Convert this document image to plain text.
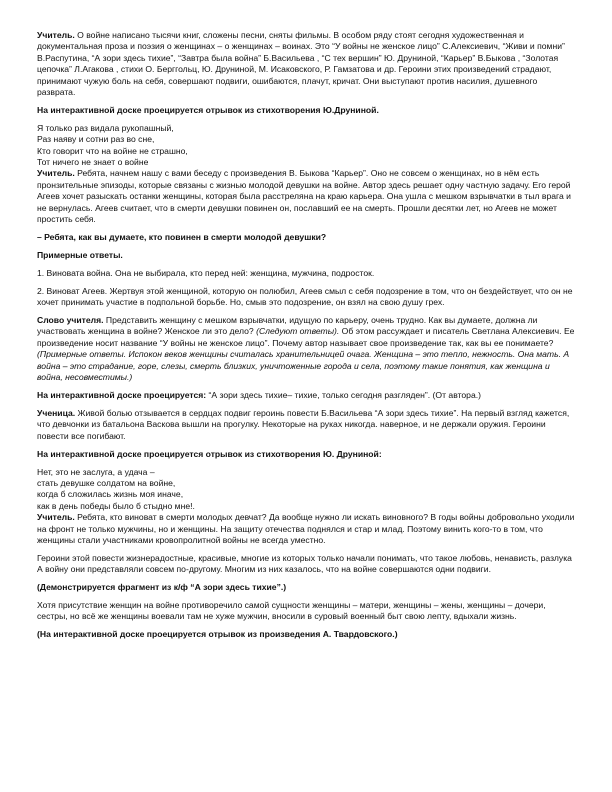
Учитель. О войне написано тысячи книг, сложены песни, сняты фильмы. В особом ряду стоят сегодня художественная и документальная проза и поэзия о женщинах – о женщинах – воинах. Это “У войны не женское лицо” С.Алексиевич, “Живи и помни” В.Распутина, “А зори здесь тихие”, “Завтра была война” Б.Васильева , “С тех вершин” Ю. Друниной, “Карьер” В.Быкова , “Золотая цепочка” Л.Агакова , стихи О. Берггольц, Ю. Друниной, М. Исаковского, Р. Гамзатова и др. Героини этих произведений страдают, принимают чужую боль на себя, совершают подвиги, ошибаются, плачут, кричат. Они выступают против насилия, душевного разврата.

На интерактивной доске проецируется отрывок из стихотворения Ю.Друниной.

Я только раз видала рукопашный,
Раз наяву и сотни раз во сне,
Кто говорит что на войне не страшно,
Тот ничего не знает о войне

Учитель. Ребята, начнем нашу с вами беседу с произведения В. Быкова “Карьер”. Оно не совсем о женщинах, но в нём есть пронзительные эпизоды, которые связаны с жизнью молодой девушки на войне. Автор здесь решает одну частную задачу. Его герой Агеев хочет разыскать останки женщины, которая была расстреляна на краю карьера. Она ушла с мешком взрывчатки в тыл врага и не вернулась. Агеев считает, что в смерти девушки повинен он, пославший ее на смерть. Прошли десятки лет, но Агеев не может простить себя.

– Ребята, как вы думаете, кто повинен в смерти молодой девушки?

Примерные ответы.

1. Виновата война. Она не выбирала, кто перед ней: женщина, мужчина, подросток.

2. Виноват Агеев. Жертвуя этой женщиной, которую он полюбил, Агеев смыл с себя подозрение в том, что он бездействует, что он не хочет принимать участие в подпольной борьбе. Но, смыв это подозрение, он взял на свою душу грех.

Слово учителя. Представить женщину с мешком взрывчатки, идущую по карьеру, очень трудно. Как вы думаете, должна ли участвовать женщина в войне? Женское ли это дело? (Следуют ответы). Об этом рассуждает и писатель Светлана Алексиевич. Ее произведение носит название “У войны не женское лицо”. Почему автор называет свое произведение так, как вы ее понимаете? (Примерные ответы. Испокон веков женщины считалась хранительницей очага. Женщина – это тепло, нежность. Она мать. А война – это страдание, горе, слезы, смерть близких, уничтоженные города и села, поэтому такие понятия, как женщина и война, несовместимы.)

На интерактивной доске проецируется: “А зори здесь тихие– тихие, только сегодня разгляден”. (От автора.)

Ученица. Живой болью отзывается в сердцах подвиг героинь повести Б.Васильева “А зори здесь тихие”. На первый взгляд кажется, что девчонки из батальона Васкова вышли на прогулку. Некоторые на руках никогда. наверное, и не держали оружия. Героини повести все погибают.

На интерактивной доске проецируется отрывок из стихотворения Ю. Друниной:

Нет, это не заслуга, а удача –
стать девушке солдатом на войне,
когда б сложилась жизнь моя иначе,
как в день победы было б стыдно мне!.

Учитель. Ребята, кто виноват в смерти молодых девчат? Да вообще нужно ли искать виновного? В годы войны добровольно уходили на фронт не только мужчины, но и женщины. На защиту отечества поднялся и стар и млад. Поэтому винить кого-то в том, что женщины стали участниками кровопролитной войны не всегда уместно.

Героини этой повести жизнерадостные, красивые, многие из которых только начали понимать, что такое любовь, ненависть, разлука А войну они представляли совсем по-другому. Многим из них казалось, что на войне совершаются одни подвиги.

(Демонстрируется фрагмент из к/ф “А зори здесь тихие”.)

Хотя присутствие женщин на войне противоречило самой сущности женщины – матери, женщины – жены, женщины – дочери, сестры, но всё же женщины воевали там не хуже мужчин, вносили в суровый военный быт свою лепту, вдыхали жизнь.

(На интерактивной доске проецируется отрывок из произведения А. Твардовского.)
